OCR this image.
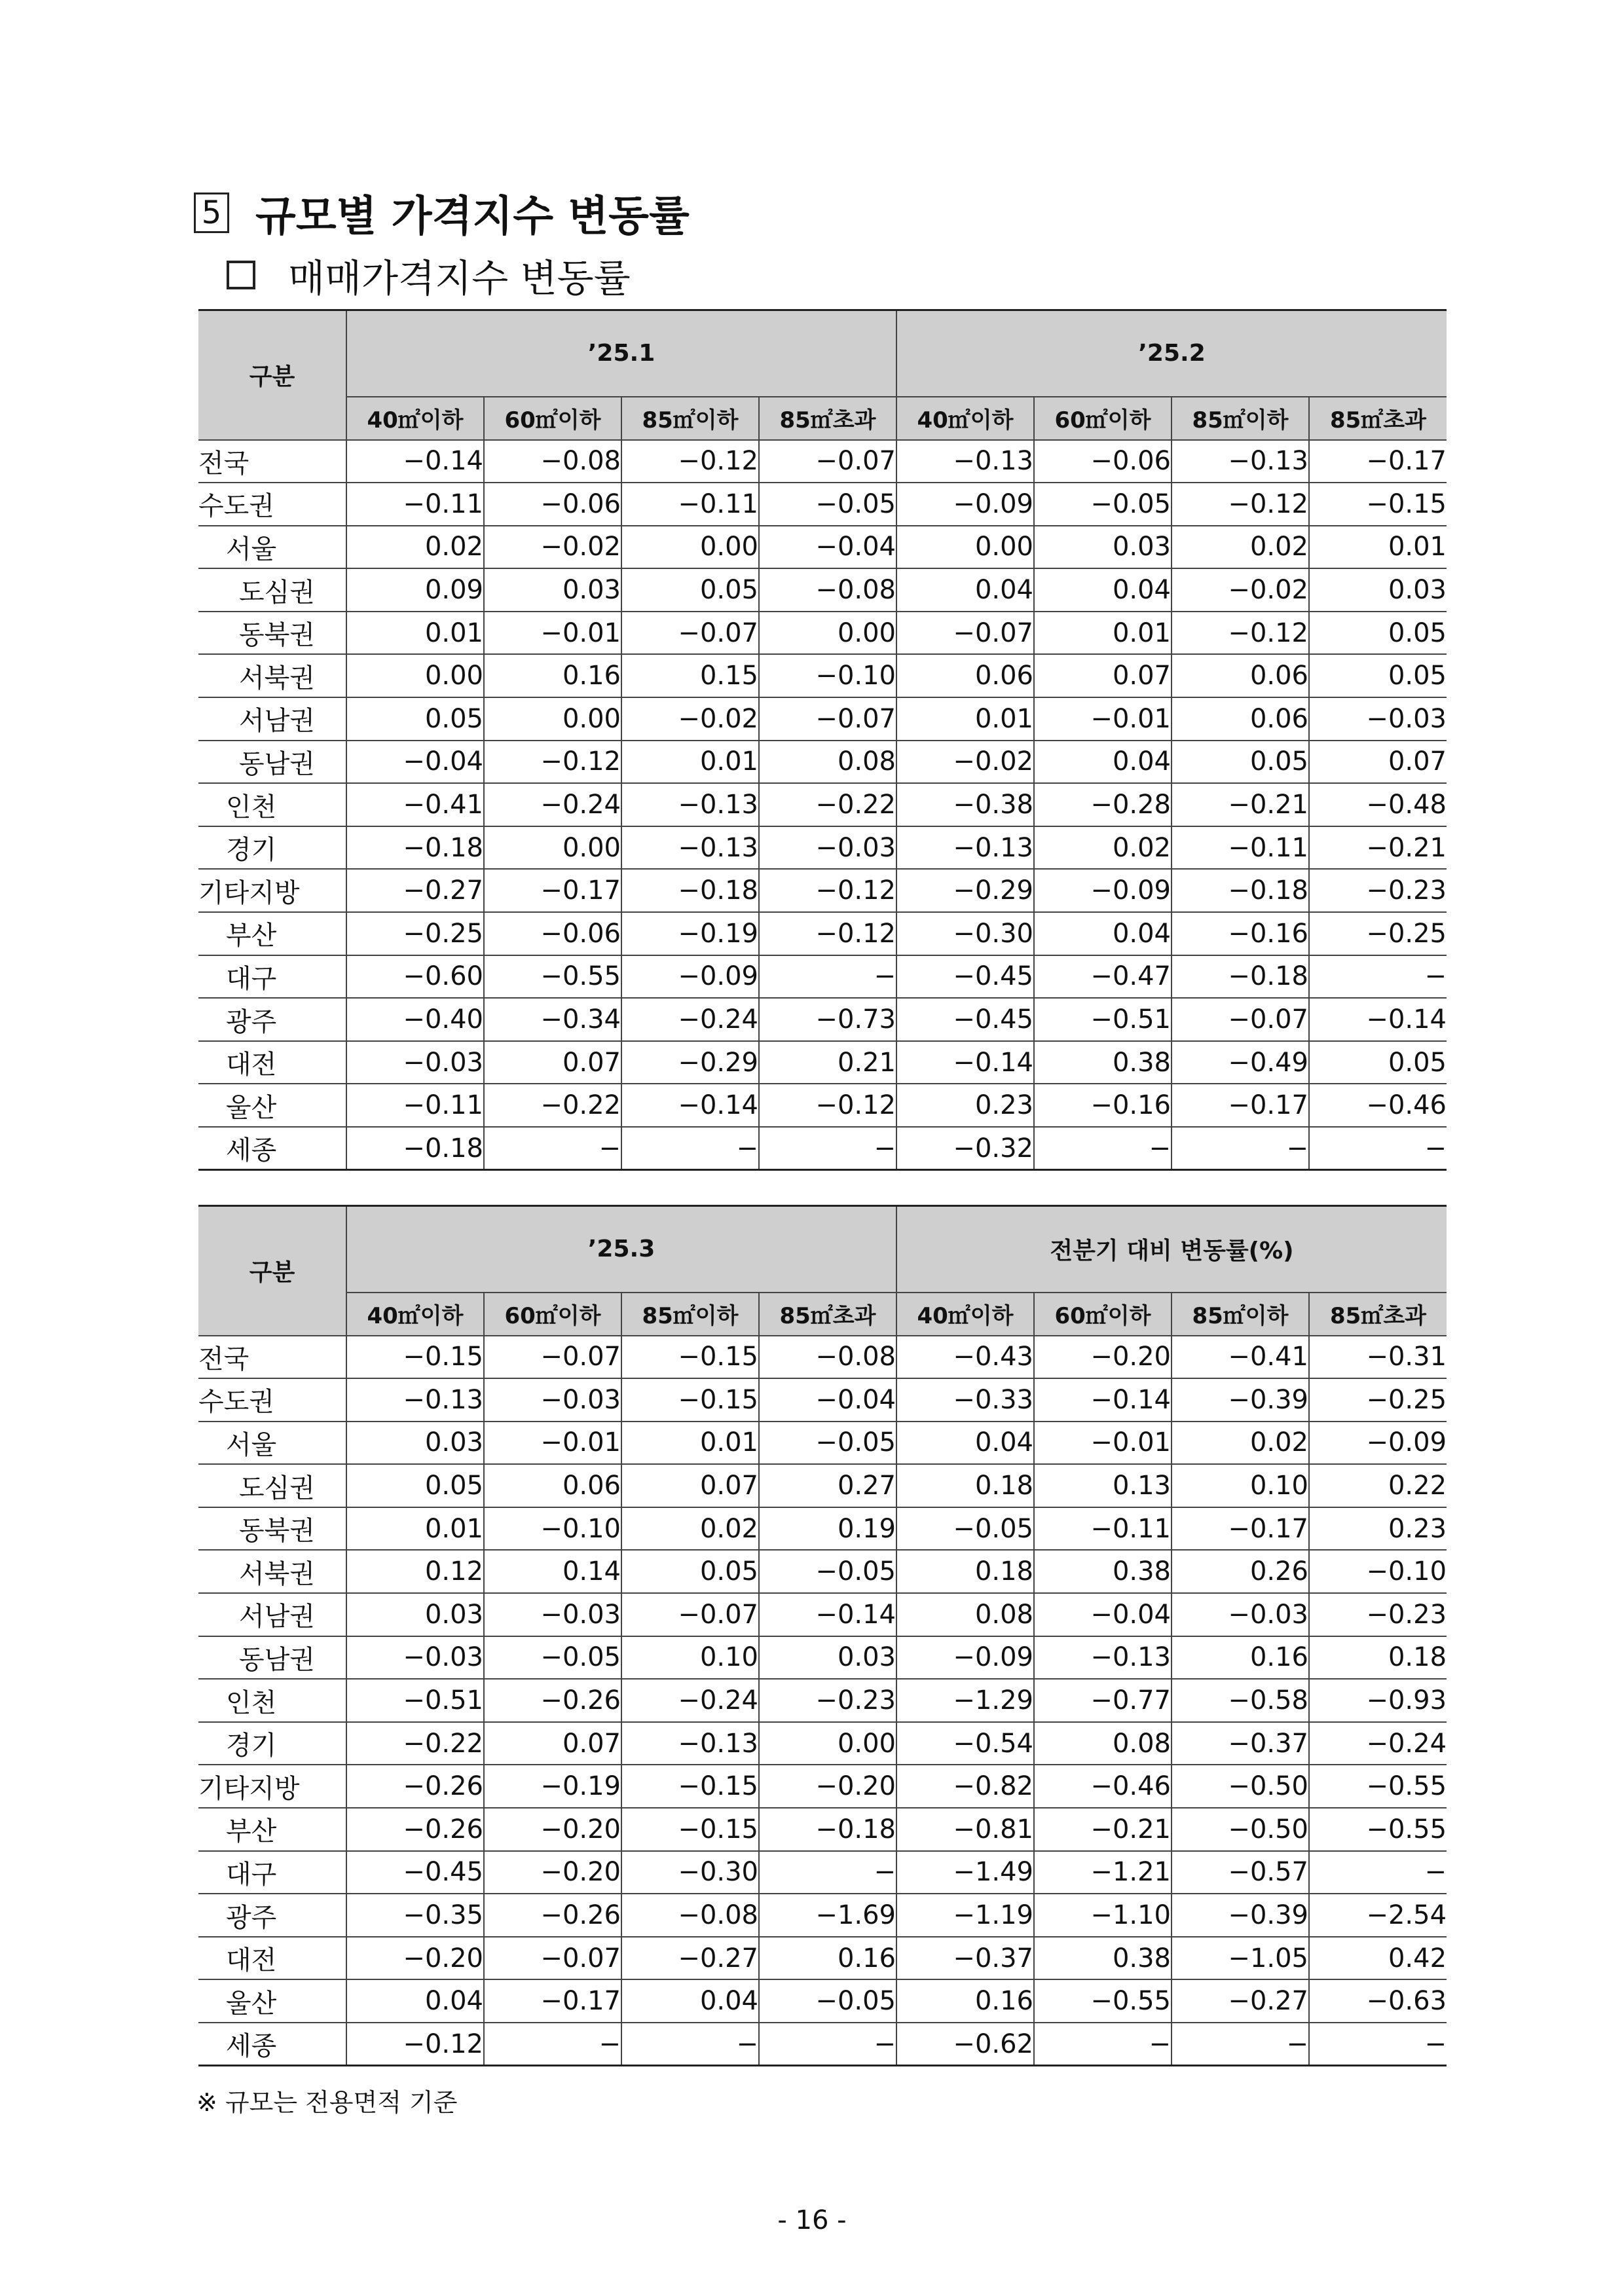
5 규모별 가격지수 변동률
매매가격지수 변동률
구분	’25.1				’25.2			
	40㎡이하	60㎡이하	85㎡이하	85㎡초과	40㎡이하	60㎡이하	85㎡이하	85㎡초과
전국	−0.14	−0.08	−0.12	−0.07	−0.13	−0.06	−0.13	−0.17
수도권	−0.11	−0.06	−0.11	−0.05	−0.09	−0.05	−0.12	−0.15
서울	0.02	−0.02	0.00	−0.04	0.00	0.03	0.02	0.01
도심권	0.09	0.03	0.05	−0.08	0.04	0.04	−0.02	0.03
동북권	0.01	−0.01	−0.07	0.00	−0.07	0.01	−0.12	0.05
서북권	0.00	0.16	0.15	−0.10	0.06	0.07	0.06	0.05
서남권	0.05	0.00	−0.02	−0.07	0.01	−0.01	0.06	−0.03
동남권	−0.04	−0.12	0.01	0.08	−0.02	0.04	0.05	0.07
인천	−0.41	−0.24	−0.13	−0.22	−0.38	−0.28	−0.21	−0.48
경기	−0.18	0.00	−0.13	−0.03	−0.13	0.02	−0.11	−0.21
기타지방	−0.27	−0.17	−0.18	−0.12	−0.29	−0.09	−0.18	−0.23
부산	−0.25	−0.06	−0.19	−0.12	−0.30	0.04	−0.16	−0.25
대구	−0.60	−0.55	−0.09	−	−0.45	−0.47	−0.18	−
광주	−0.40	−0.34	−0.24	−0.73	−0.45	−0.51	−0.07	−0.14
대전	−0.03	0.07	−0.29	0.21	−0.14	0.38	−0.49	0.05
울산	−0.11	−0.22	−0.14	−0.12	0.23	−0.16	−0.17	−0.46
세종	−0.18	−	−	−	−0.32	−	−	−
구분	’25.3				전분기 대비 변동률(%)			
	40㎡이하	60㎡이하	85㎡이하	85㎡초과	40㎡이하	60㎡이하	85㎡이하	85㎡초과
전국	−0.15	−0.07	−0.15	−0.08	−0.43	−0.20	−0.41	−0.31
수도권	−0.13	−0.03	−0.15	−0.04	−0.33	−0.14	−0.39	−0.25
서울	0.03	−0.01	0.01	−0.05	0.04	−0.01	0.02	−0.09
도심권	0.05	0.06	0.07	0.27	0.18	0.13	0.10	0.22
동북권	0.01	−0.10	0.02	0.19	−0.05	−0.11	−0.17	0.23
서북권	0.12	0.14	0.05	−0.05	0.18	0.38	0.26	−0.10
서남권	0.03	−0.03	−0.07	−0.14	0.08	−0.04	−0.03	−0.23
동남권	−0.03	−0.05	0.10	0.03	−0.09	−0.13	0.16	0.18
인천	−0.51	−0.26	−0.24	−0.23	−1.29	−0.77	−0.58	−0.93
경기	−0.22	0.07	−0.13	0.00	−0.54	0.08	−0.37	−0.24
기타지방	−0.26	−0.19	−0.15	−0.20	−0.82	−0.46	−0.50	−0.55
부산	−0.26	−0.20	−0.15	−0.18	−0.81	−0.21	−0.50	−0.55
대구	−0.45	−0.20	−0.30	−	−1.49	−1.21	−0.57	−
광주	−0.35	−0.26	−0.08	−1.69	−1.19	−1.10	−0.39	−2.54
대전	−0.20	−0.07	−0.27	0.16	−0.37	0.38	−1.05	0.42
울산	0.04	−0.17	0.04	−0.05	0.16	−0.55	−0.27	−0.63
세종	−0.12	−	−	−	−0.62	−	−	−
※ 규모는 전용면적 기준
- 16 -
